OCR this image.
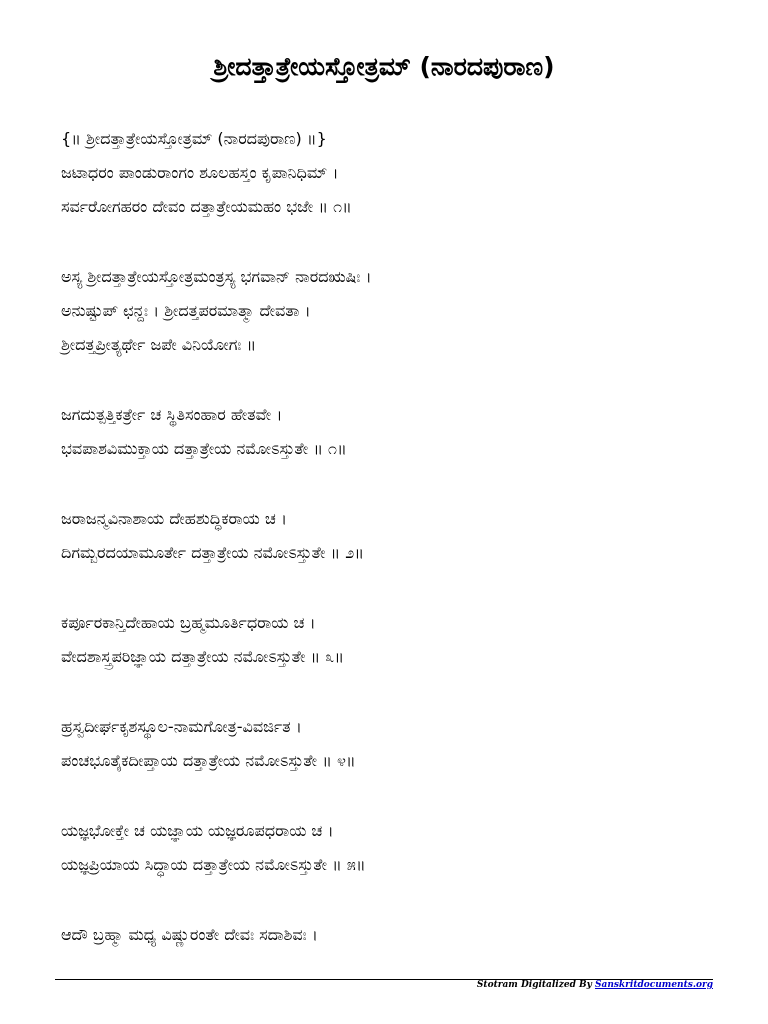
ಶ್ರೀದತ್ತಾತ್ರೇಯಸ್ತೋತ್ರಮ್ (ನಾರದಪುರಾಣ)
{॥ ಶ್ರೀದತ್ತಾತ್ರೇಯಸ್ತೋತ್ರಮ್ (ನಾರದಪುರಾಣ) ॥}
ಜಟಾಧರಂ ಪಾಂಡುರಾಂಗಂ ಶೂಲಹಸ್ತಂ ಕೃಪಾನಿಧಿಮ್ ।
ಸರ್ವರೋಗಹರಂ ದೇವಂ ದತ್ತಾತ್ರೇಯಮಹಂ ಭಜೇ ॥ ೧॥
ಅಸ್ಯ ಶ್ರೀದತ್ತಾತ್ರೇಯಸ್ತೋತ್ರಮಂತ್ರಸ್ಯ ಭಗವಾನ್ ನಾರದಋಷಿಃ ।
ಅನುಷ್ಟುಪ್ ಛನ್ದಃ । ಶ್ರೀದತ್ತಪರಮಾತ್ಮಾ ದೇವತಾ ।
ಶ್ರೀದತ್ತಪ್ರೀತ್ಯರ್ಥೇ ಜಪೇ ವಿನಿಯೋಗಃ ॥
ಜಗದುತ್ಪತ್ತಿಕರ್ತ್ರೇ ಚ ಸ್ಥಿತಿಸಂಹಾರ ಹೇತವೇ ।
ಭವಪಾಶವಿಮುಕ್ತಾಯ ದತ್ತಾತ್ರೇಯ ನಮೋಽಸ್ತುತೇ ॥ ೧॥
ಜರಾಜನ್ಮವಿನಾಶಾಯ ದೇಹಶುದ್ಧಿಕರಾಯ ಚ ।
ದಿಗಮ್ಬರದಯಾಮೂರ್ತೇ ದತ್ತಾತ್ರೇಯ ನಮೋಽಸ್ತುತೇ ॥ ೨॥
ಕರ್ಪೂರಕಾನ್ತಿದೇಹಾಯ ಬ್ರಹ್ಮಮೂರ್ತಿಧರಾಯ ಚ ।
ವೇದಶಾಸ್ತ್ರಪರಿಜ್ಞಾಯ ದತ್ತಾತ್ರೇಯ ನಮೋಽಸ್ತುತೇ ॥ ೩॥
ಹ್ರಸ್ವದೀರ್ಘಕೃಶಸ್ಥೂಲ-ನಾಮಗೋತ್ರ-ವಿವರ್ಜಿತ ।
ಪಂಚಭೂತೈಕದೀಪ್ತಾಯ ದತ್ತಾತ್ರೇಯ ನಮೋಽಸ್ತುತೇ ॥ ೪॥
ಯಜ್ಞಭೋಕ್ತೇ ಚ ಯಜ್ಞಾಯ ಯಜ್ಞರೂಪಧರಾಯ ಚ ।
ಯಜ್ಞಪ್ರಿಯಾಯ ಸಿದ್ಧಾಯ ದತ್ತಾತ್ರೇಯ ನಮೋಽಸ್ತುತೇ ॥ ೫॥
ಆದೌ ಬ್ರಹ್ಮಾ ಮಧ್ಯ ವಿಷ್ಣುರಂತೇ ದೇವಃ ಸದಾಶಿವಃ ।
Stotram Digitalized By Sanskritdocuments.org
